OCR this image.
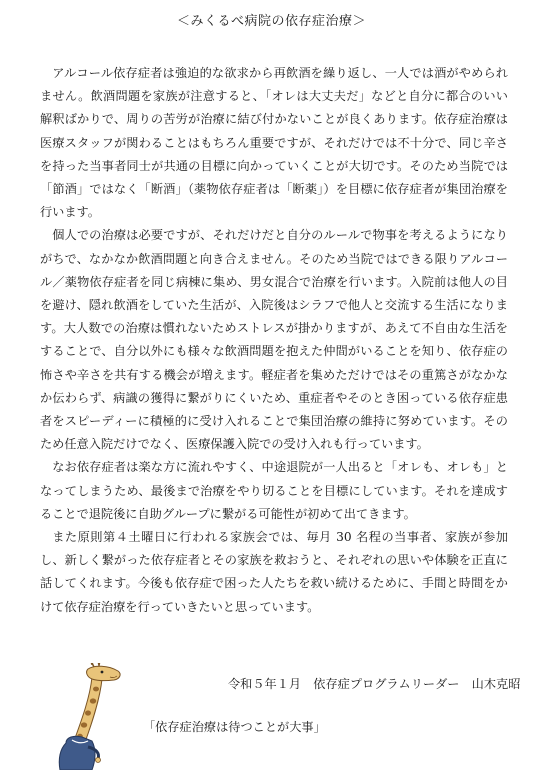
＜みくるべ病院の依存症治療＞

アルコール依存症者は強迫的な欲求から再飲酒を繰り返し、一人では酒がやめられません。飲酒問題を家族が注意すると、「オレは大丈夫だ」などと自分に都合のいい解釈ばかりで、周りの苦労が治療に結び付かないことが良くあります。依存症治療は医療スタッフが関わることはもちろん重要ですが、それだけでは不十分で、同じ辛さを持った当事者同士が共通の目標に向かっていくことが大切です。そのため当院では「節酒」ではなく「断酒」（薬物依存症者は「断薬」）を目標に依存症者が集団治療を行います。

個人での治療は必要ですが、それだけだと自分のルールで物事を考えるようになりがちで、なかなか飲酒問題と向き合えません。そのため当院ではできる限りアルコール／薬物依存症者を同じ病棟に集め、男女混合で治療を行います。入院前は他人の目を避け、隠れ飲酒をしていた生活が、入院後はシラフで他人と交流する生活になります。大人数での治療は慣れないためストレスが掛かりますが、あえて不自由な生活をすることで、自分以外にも様々な飲酒問題を抱えた仲間がいることを知り、依存症の怖さや辛さを共有する機会が増えます。軽症者を集めただけではその重篤さがなかなか伝わらず、病識の獲得に繋がりにくいため、重症者やそのとき困っている依存症患者をスピーディーに積極的に受け入れることで集団治療の維持に努めています。そのため任意入院だけでなく、医療保護入院での受け入れも行っています。

なお依存症者は楽な方に流れやすく、中途退院が一人出ると「オレも、オレも」となってしまうため、最後まで治療をやり切ることを目標にしています。それを達成することで退院後に自助グループに繋がる可能性が初めて出てきます。

また原則第４土曜日に行われる家族会では、毎月 30 名程の当事者、家族が参加し、新しく繋がった依存症者とその家族を救おうと、それぞれの思いや体験を正直に話してくれます。今後も依存症で困った人たちを救い続けるために、手間と時間をかけて依存症治療を行っていきたいと思っています。

令和５年１月　依存症プログラムリーダー　山木克昭
「依存症治療は待つことが大事」
